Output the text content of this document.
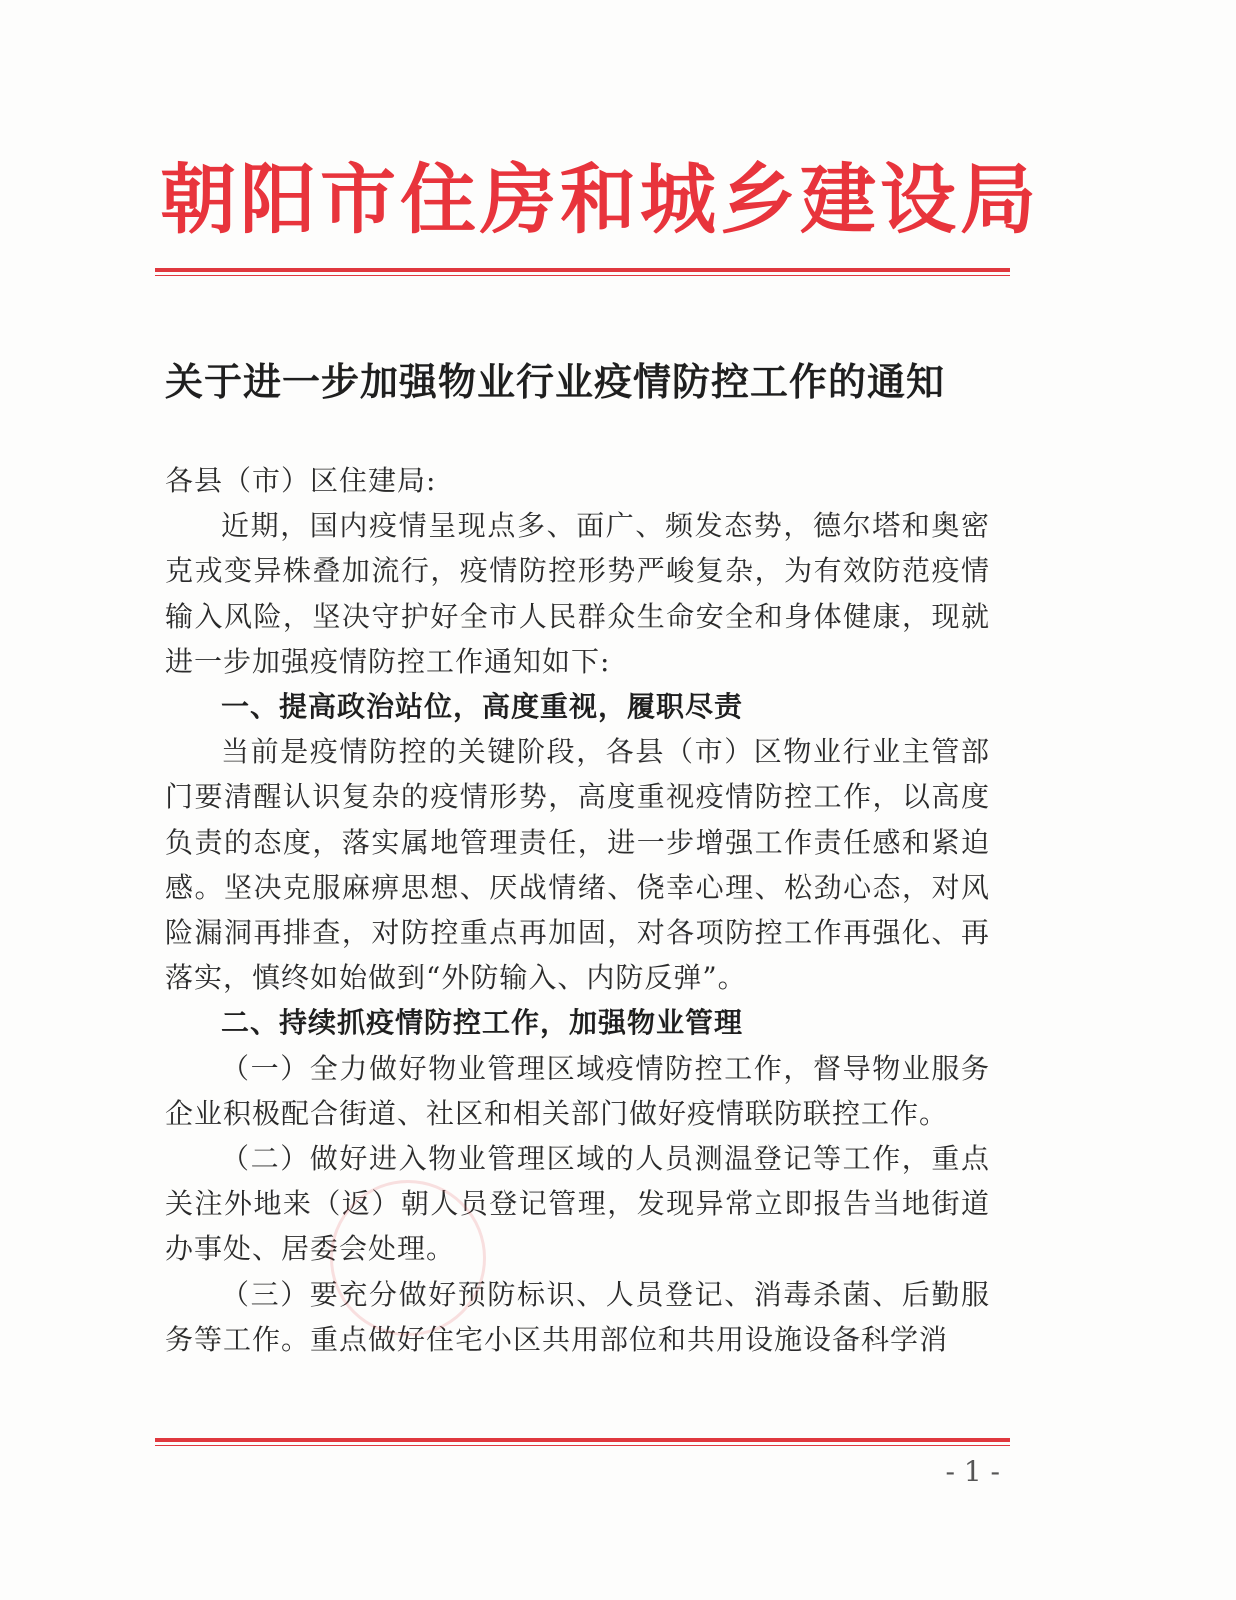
朝阳市住房和城乡建设局
关于进一步加强物业行业疫情防控工作的通知

各县（市）区住建局:

近期，国内疫情呈现点多、面广、频发态势，德尔塔和奥密克戎变异株叠加流行，疫情防控形势严峻复杂，为有效防范疫情输入风险，坚决守护好全市人民群众生命安全和身体健康，现就进一步加强疫情防控工作通知如下:

一、提高政治站位，高度重视，履职尽责

当前是疫情防控的关键阶段，各县（市）区物业行业主管部门要清醒认识复杂的疫情形势，高度重视疫情防控工作，以高度负责的态度，落实属地管理责任，进一步增强工作责任感和紧迫感。坚决克服麻痹思想、厌战情绪、侥幸心理、松劲心态，对风险漏洞再排查，对防控重点再加固，对各项防控工作再强化、再落实，慎终如始做到“外防输入、内防反弹”。

二、持续抓疫情防控工作，加强物业管理

（一）全力做好物业管理区域疫情防控工作，督导物业服务企业积极配合街道、社区和相关部门做好疫情联防联控工作。

（二）做好进入物业管理区域的人员测温登记等工作，重点关注外地来（返）朝人员登记管理，发现异常立即报告当地街道办事处、居委会处理。

（三）要充分做好预防标识、人员登记、消毒杀菌、后勤服务等工作。重点做好住宅小区共用部位和共用设施设备科学消

- 1 -
